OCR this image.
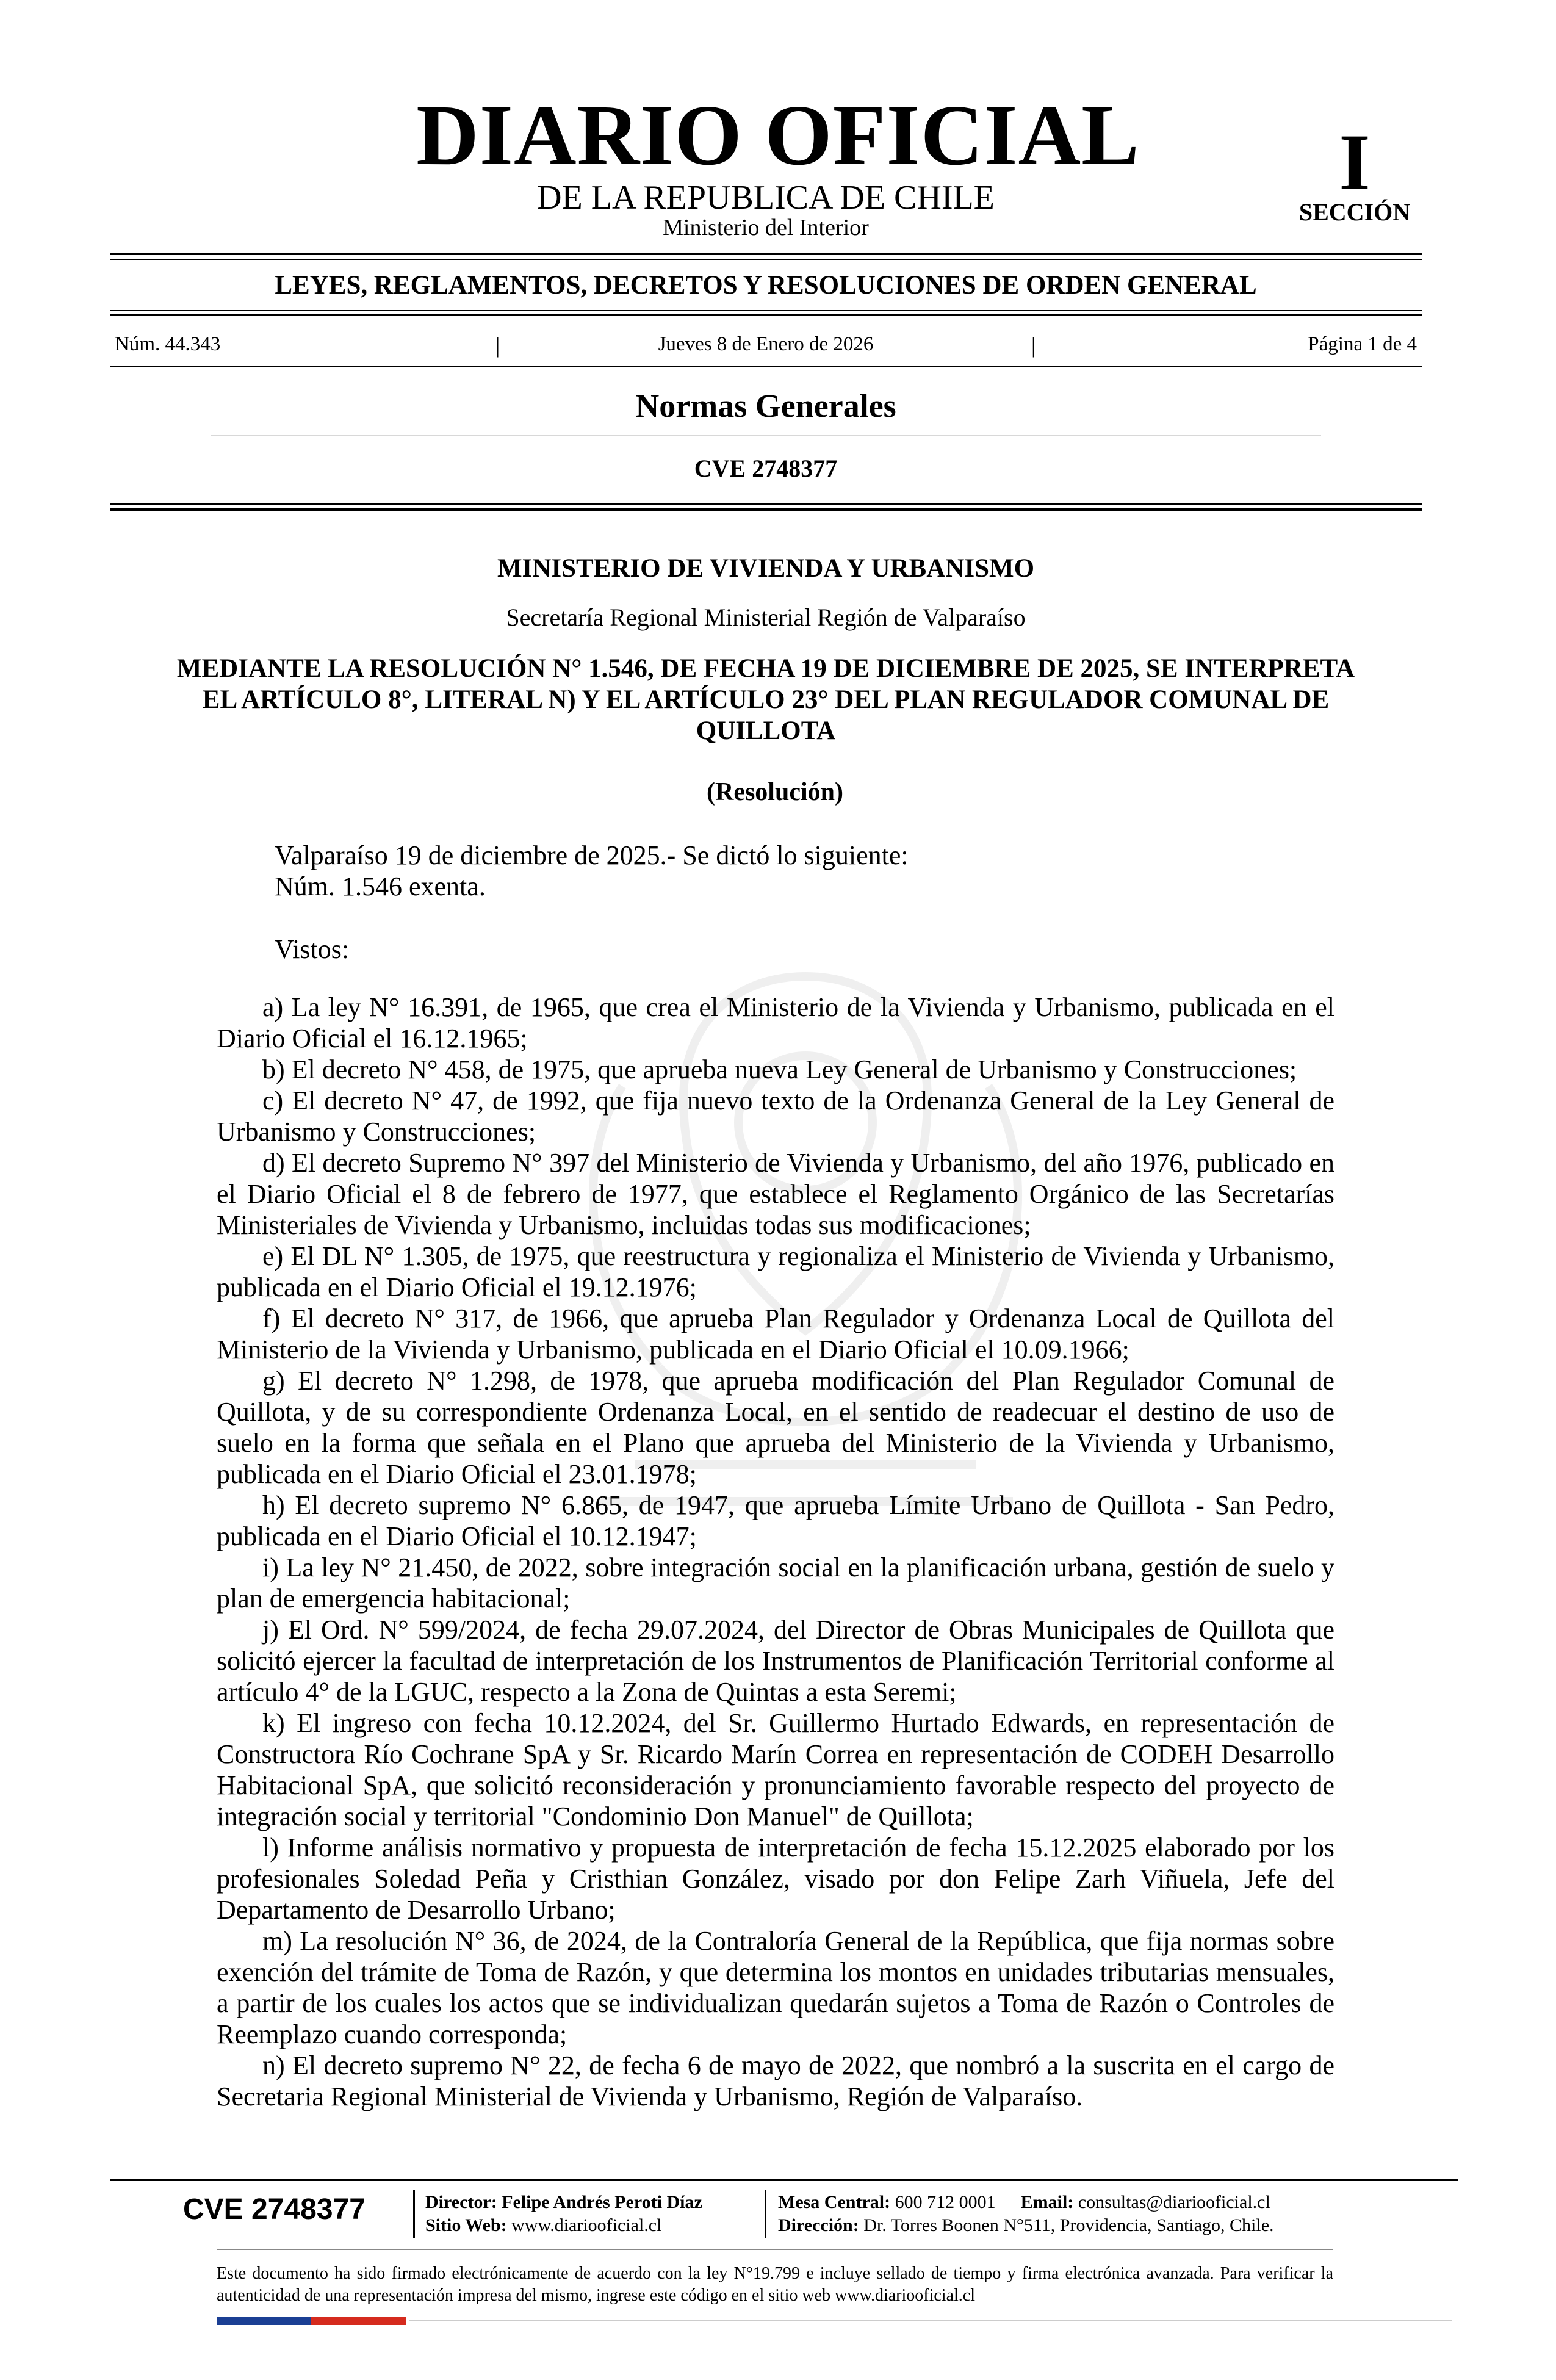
DIARIO OFICIAL
DE LA REPUBLICA DE CHILE
Ministerio del Interior
I
SECCIÓN
LEYES, REGLAMENTOS, DECRETOS Y RESOLUCIONES DE ORDEN GENERAL
Núm. 44.343	|	Jueves 8 de Enero de 2026	|	Página 1 de 4
Normas Generales
CVE 2748377
MINISTERIO DE VIVIENDA Y URBANISMO
Secretaría Regional Ministerial Región de Valparaíso
MEDIANTE LA RESOLUCIÓN N° 1.546, DE FECHA 19 DE DICIEMBRE DE 2025, SE INTERPRETA EL ARTÍCULO 8°, LITERAL N) Y EL ARTÍCULO 23° DEL PLAN REGULADOR COMUNAL DE QUILLOTA
(Resolución)
Valparaíso 19 de diciembre de 2025.- Se dictó lo siguiente:
Núm. 1.546 exenta.
Vistos:

a) La ley N° 16.391, de 1965, que crea el Ministerio de la Vivienda y Urbanismo, publicada en el Diario Oficial el 16.12.1965;

b) El decreto N° 458, de 1975, que aprueba nueva Ley General de Urbanismo y Construcciones;

c) El decreto N° 47, de 1992, que fija nuevo texto de la Ordenanza General de la Ley General de Urbanismo y Construcciones;

d) El decreto Supremo N° 397 del Ministerio de Vivienda y Urbanismo, del año 1976, publicado en el Diario Oficial el 8 de febrero de 1977, que establece el Reglamento Orgánico de las Secretarías Ministeriales de Vivienda y Urbanismo, incluidas todas sus modificaciones;

e) El DL N° 1.305, de 1975, que reestructura y regionaliza el Ministerio de Vivienda y Urbanismo, publicada en el Diario Oficial el 19.12.1976;

f) El decreto N° 317, de 1966, que aprueba Plan Regulador y Ordenanza Local de Quillota del Ministerio de la Vivienda y Urbanismo, publicada en el Diario Oficial el 10.09.1966;

g) El decreto N° 1.298, de 1978, que aprueba modificación del Plan Regulador Comunal de Quillota, y de su correspondiente Ordenanza Local, en el sentido de readecuar el destino de uso de suelo en la forma que señala en el Plano que aprueba del Ministerio de la Vivienda y Urbanismo, publicada en el Diario Oficial el 23.01.1978;

h) El decreto supremo N° 6.865, de 1947, que aprueba Límite Urbano de Quillota - San Pedro, publicada en el Diario Oficial el 10.12.1947;

i) La ley N° 21.450, de 2022, sobre integración social en la planificación urbana, gestión de suelo y plan de emergencia habitacional;

j) El Ord. N° 599/2024, de fecha 29.07.2024, del Director de Obras Municipales de Quillota que solicitó ejercer la facultad de interpretación de los Instrumentos de Planificación Territorial conforme al artículo 4° de la LGUC, respecto a la Zona de Quintas a esta Seremi;

k) El ingreso con fecha 10.12.2024, del Sr. Guillermo Hurtado Edwards, en representación de Constructora Río Cochrane SpA y Sr. Ricardo Marín Correa en representación de CODEH Desarrollo Habitacional SpA, que solicitó reconsideración y pronunciamiento favorable respecto del proyecto de integración social y territorial "Condominio Don Manuel" de Quillota;

l) Informe análisis normativo y propuesta de interpretación de fecha 15.12.2025 elaborado por los profesionales Soledad Peña y Cristhian González, visado por don Felipe Zarh Viñuela, Jefe del Departamento de Desarrollo Urbano;

m) La resolución N° 36, de 2024, de la Contraloría General de la República, que fija normas sobre exención del trámite de Toma de Razón, y que determina los montos en unidades tributarias mensuales, a partir de los cuales los actos que se individualizan quedarán sujetos a Toma de Razón o Controles de Reemplazo cuando corresponda;

n) El decreto supremo N° 22, de fecha 6 de mayo de 2022, que nombró a la suscrita en el cargo de Secretaria Regional Ministerial de Vivienda y Urbanismo, Región de Valparaíso.

CVE 2748377	Director: Felipe Andrés Peroti Díaz
Sitio Web: www.diariooficial.cl
Mesa Central: 600 712 0001 Email: consultas@diariooficial.cl
Dirección: Dr. Torres Boonen N°511, Providencia, Santiago, Chile.
Este documento ha sido firmado electrónicamente de acuerdo con la ley N°19.799 e incluye sellado de tiempo y firma electrónica avanzada. Para verificar la autenticidad de una representación impresa del mismo, ingrese este código en el sitio web www.diariooficial.cl
